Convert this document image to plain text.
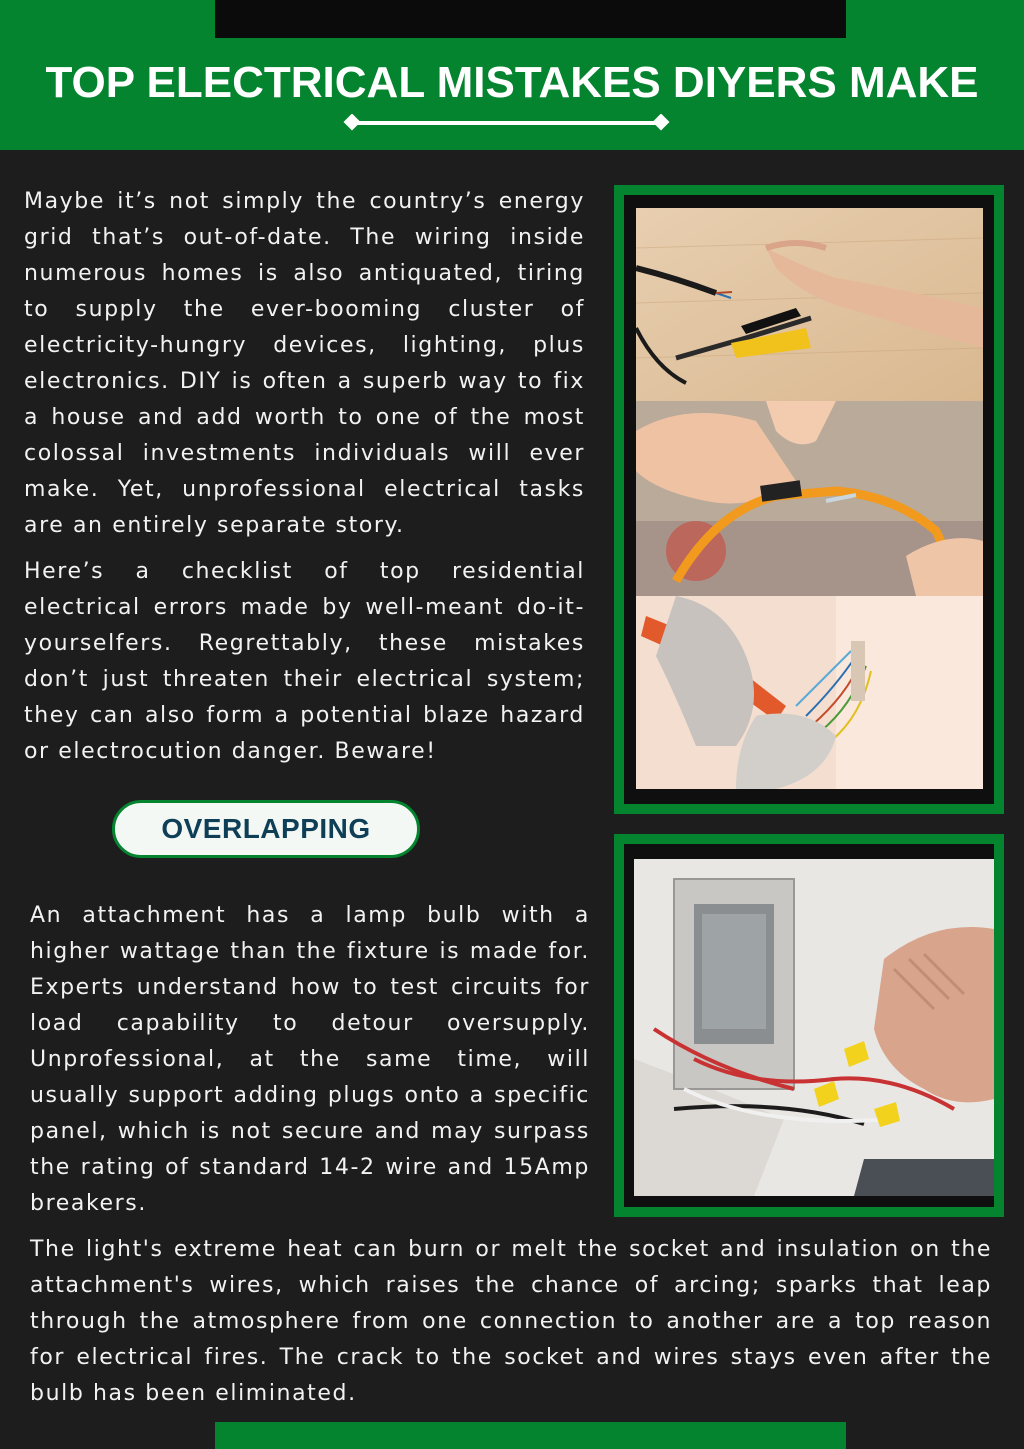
TOP ELECTRICAL MISTAKES DIYERS MAKE

Maybe it’s not simply the country’s energy grid that’s out-of-date. The wiring inside numerous homes is also antiquated, tiring to supply the ever-booming cluster of electricity-hungry devices, lighting, plus electronics. DIY is often a superb way to fix a house and add worth to one of the most colossal investments individuals will ever make. Yet, unprofessional electrical tasks are an entirely separate story.

Here’s a checklist of top residential electrical errors made by well-meant do-it-yourselfers. Regrettably, these mistakes don’t just threaten their electrical system; they can also form a potential blaze hazard or electrocution danger. Beware!

OVERLAPPING

An attachment has a lamp bulb with a higher wattage than the fixture is made for. Experts understand how to test circuits for load capability to detour oversupply. Unprofessional, at the same time, will usually support adding plugs onto a specific panel, which is not secure and may surpass the rating of standard 14-2 wire and 15Amp breakers.

The light's extreme heat can burn or melt the socket and insulation on the attachment's wires, which raises the chance of arcing; sparks that leap through the atmosphere from one connection to another are a top reason for electrical fires. The crack to the socket and wires stays even after the bulb has been eliminated.
